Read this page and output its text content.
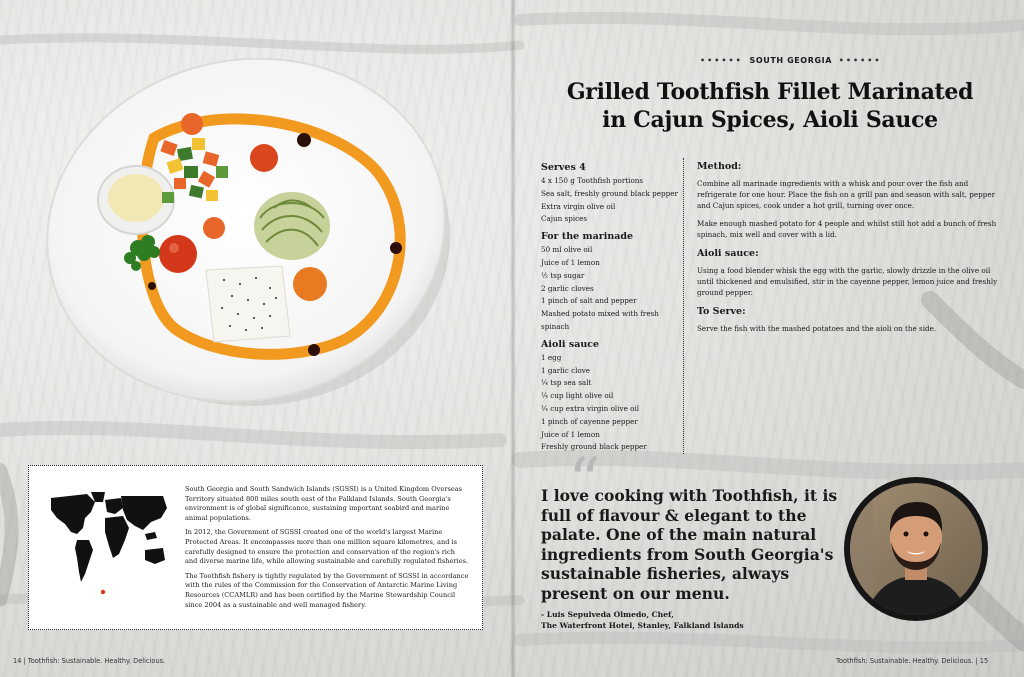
•••••• SOUTH GEORGIA ••••••
Grilled Toothfish Fillet Marinated
in Cajun Spices, Aioli Sauce
Serves 4
4 x 150 g Toothfish portions
Sea salt, freshly ground black pepper
Extra virgin olive oil
Cajun spices
For the marinade
50 ml olive oil
Juice of 1 lemon
½ tsp sugar
2 garlic cloves
1 pinch of salt and pepper
Mashed potato mixed with fresh
spinach
Aioli sauce
1 egg
1 garlic clove
¼ tsp sea salt
¼ cup light olive oil
¼ cup extra virgin olive oil
1 pinch of cayenne pepper
Juice of 1 lemon
Freshly ground black pepper
Method:

Combine all marinade ingredients with a whisk and pour over the fish and refrigerate for one hour. Place the fish on a grill pan and season with salt, pepper and Cajun spices, cook under a hot grill, turning over once.

Make enough mashed potato for 4 people and whilst still hot add a bunch of fresh spinach, mix well and cover with a lid.

Aioli sauce:

Using a food blender whisk the egg with the garlic, slowly drizzle in the olive oil until thickened and emulsified, stir in the cayenne pepper, lemon juice and freshly ground pepper.

To Serve:

Serve the fish with the mashed potatoes and the aioli on the side.

South Georgia and South Sandwich Islands (SGSSI) is a United Kingdom Overseas Territory situated 800 miles south east of the Falkland Islands. South Georgia's environment is of global significance, sustaining important seabird and marine animal populations.

In 2012, the Government of SGSSI created one of the world's largest Marine Protected Areas. It encompasses more than one million square kilometres, and is carefully designed to ensure the protection and conservation of the region's rich and diverse marine life, while allowing sustainable and carefully regulated fisheries.

The Toothfish fishery is tightly regulated by the Government of SGSSI in accordance with the rules of the Commission for the Conservation of Antarctic Marine Living Resources (CCAMLR) and has been certified by the Marine Stewardship Council since 2004 as a sustainable and well managed fishery.

“
I love cooking with Toothfish, it is full of flavour & elegant to the palate. One of the main natural ingredients from South Georgia's sustainable fisheries, always present on our menu.
- Luis Sepulveda Olmedo, Chef,
The Waterfront Hotel, Stanley, Falkland Islands
14 | Toothfish: Sustainable. Healthy. Delicious.	Toothfish: Sustainable. Healthy. Delicious. | 15
